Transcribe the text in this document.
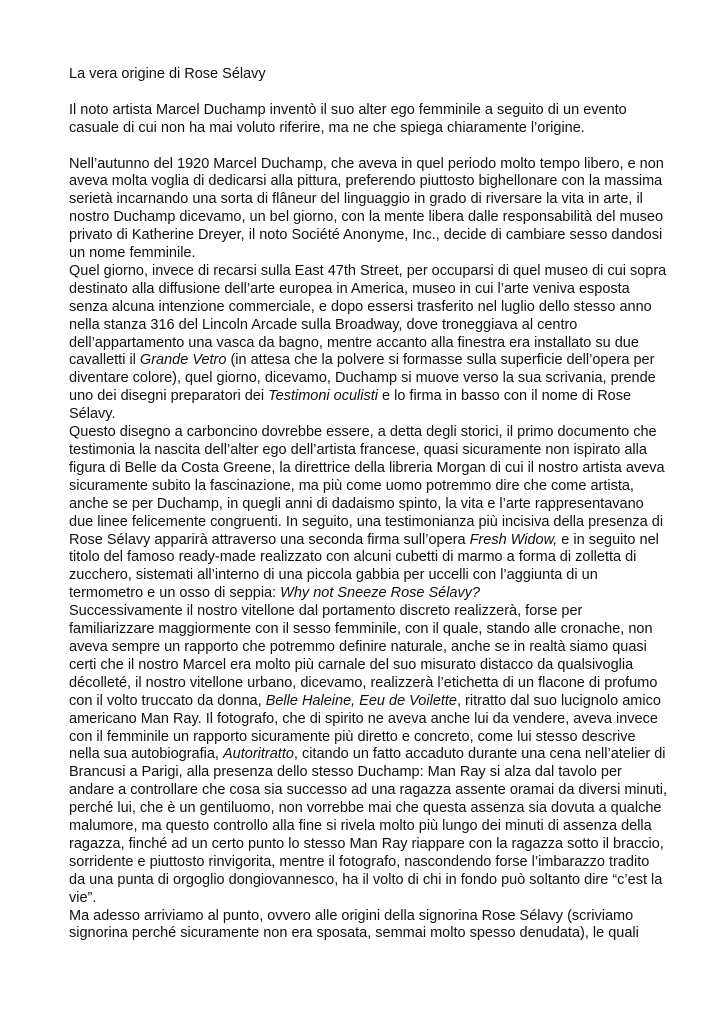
La vera origine di Rose Sélavy

Il noto artista Marcel Duchamp inventò il suo alter ego femminile a seguito di un evento casuale di cui non ha mai voluto riferire, ma ne che spiega chiaramente l’origine.

Nell’autunno del 1920 Marcel Duchamp, che aveva in quel periodo molto tempo libero, e non aveva molta voglia di dedicarsi alla pittura, preferendo piuttosto bighellonare con la massima serietà incarnando una sorta di flâneur del linguaggio in grado di riversare la vita in arte, il nostro Duchamp dicevamo, un bel giorno, con la mente libera dalle responsabilità del museo privato di Katherine Dreyer, il noto Société Anonyme, Inc., decide di cambiare sesso dandosi un nome femminile.

Quel giorno, invece di recarsi sulla East 47th Street, per occuparsi di quel museo di cui sopra destinato alla diffusione dell’arte europea in America, museo in cui l’arte veniva esposta senza alcuna intenzione commerciale, e dopo essersi trasferito nel luglio dello stesso anno nella stanza 316 del Lincoln Arcade sulla Broadway, dove troneggiava al centro dell’appartamento una vasca da bagno, mentre accanto alla finestra era installato su due cavalletti il Grande Vetro (in attesa che la polvere si formasse sulla superficie dell’opera per diventare colore), quel giorno, dicevamo, Duchamp si muove verso la sua scrivania, prende uno dei disegni preparatori dei Testimoni oculisti e lo firma in basso con il nome di Rose Sélavy.

Questo disegno a carboncino dovrebbe essere, a detta degli storici, il primo documento che testimonia la nascita dell’alter ego dell’artista francese, quasi sicuramente non ispirato alla figura di Belle da Costa Greene, la direttrice della libreria Morgan di cui il nostro artista aveva sicuramente subito la fascinazione, ma più come uomo potremmo dire che come artista, anche se per Duchamp, in quegli anni di dadaismo spinto, la vita e l’arte rappresentavano due linee felicemente congruenti. In seguito, una testimonianza più incisiva della presenza di Rose Sélavy apparirà attraverso una seconda firma sull’opera Fresh Widow, e in seguito nel titolo del famoso ready-made realizzato con alcuni cubetti di marmo a forma di zolletta di zucchero, sistemati all’interno di una piccola gabbia per uccelli con l’aggiunta di un termometro e un osso di seppia: Why not Sneeze Rose Sélavy?

Successivamente il nostro vitellone dal portamento discreto realizzerà, forse per familiarizzare maggiormente con il sesso femminile, con il quale, stando alle cronache, non aveva sempre un rapporto che potremmo definire naturale, anche se in realtà siamo quasi certi che il nostro Marcel era molto più carnale del suo misurato distacco da qualsivoglia décolleté, il nostro vitellone urbano, dicevamo, realizzerà l’etichetta di un flacone di profumo con il volto truccato da donna, Belle Haleine, Eeu de Voilette, ritratto dal suo lucignolo amico americano Man Ray. Il fotografo, che di spirito ne aveva anche lui da vendere, aveva invece con il femminile un rapporto sicuramente più diretto e concreto, come lui stesso descrive nella sua autobiografia, Autoritratto, citando un fatto accaduto durante una cena nell’atelier di Brancusi a Parigi, alla presenza dello stesso Duchamp: Man Ray si alza dal tavolo per andare a controllare che cosa sia successo ad una ragazza assente oramai da diversi minuti, perché lui, che è un gentiluomo, non vorrebbe mai che questa assenza sia dovuta a qualche malumore, ma questo controllo alla fine si rivela molto più lungo dei minuti di assenza della ragazza, finché ad un certo punto lo stesso Man Ray riappare con la ragazza sotto il braccio, sorridente e piuttosto rinvigorita, mentre il fotografo, nascondendo forse l’imbarazzo tradito da una punta di orgoglio dongiovannesco, ha il volto di chi in fondo può soltanto dire “c’est la vie”.

Ma adesso arriviamo al punto, ovvero alle origini della signorina Rose Sélavy (scriviamo signorina perché sicuramente non era sposata, semmai molto spesso denudata), le quali
